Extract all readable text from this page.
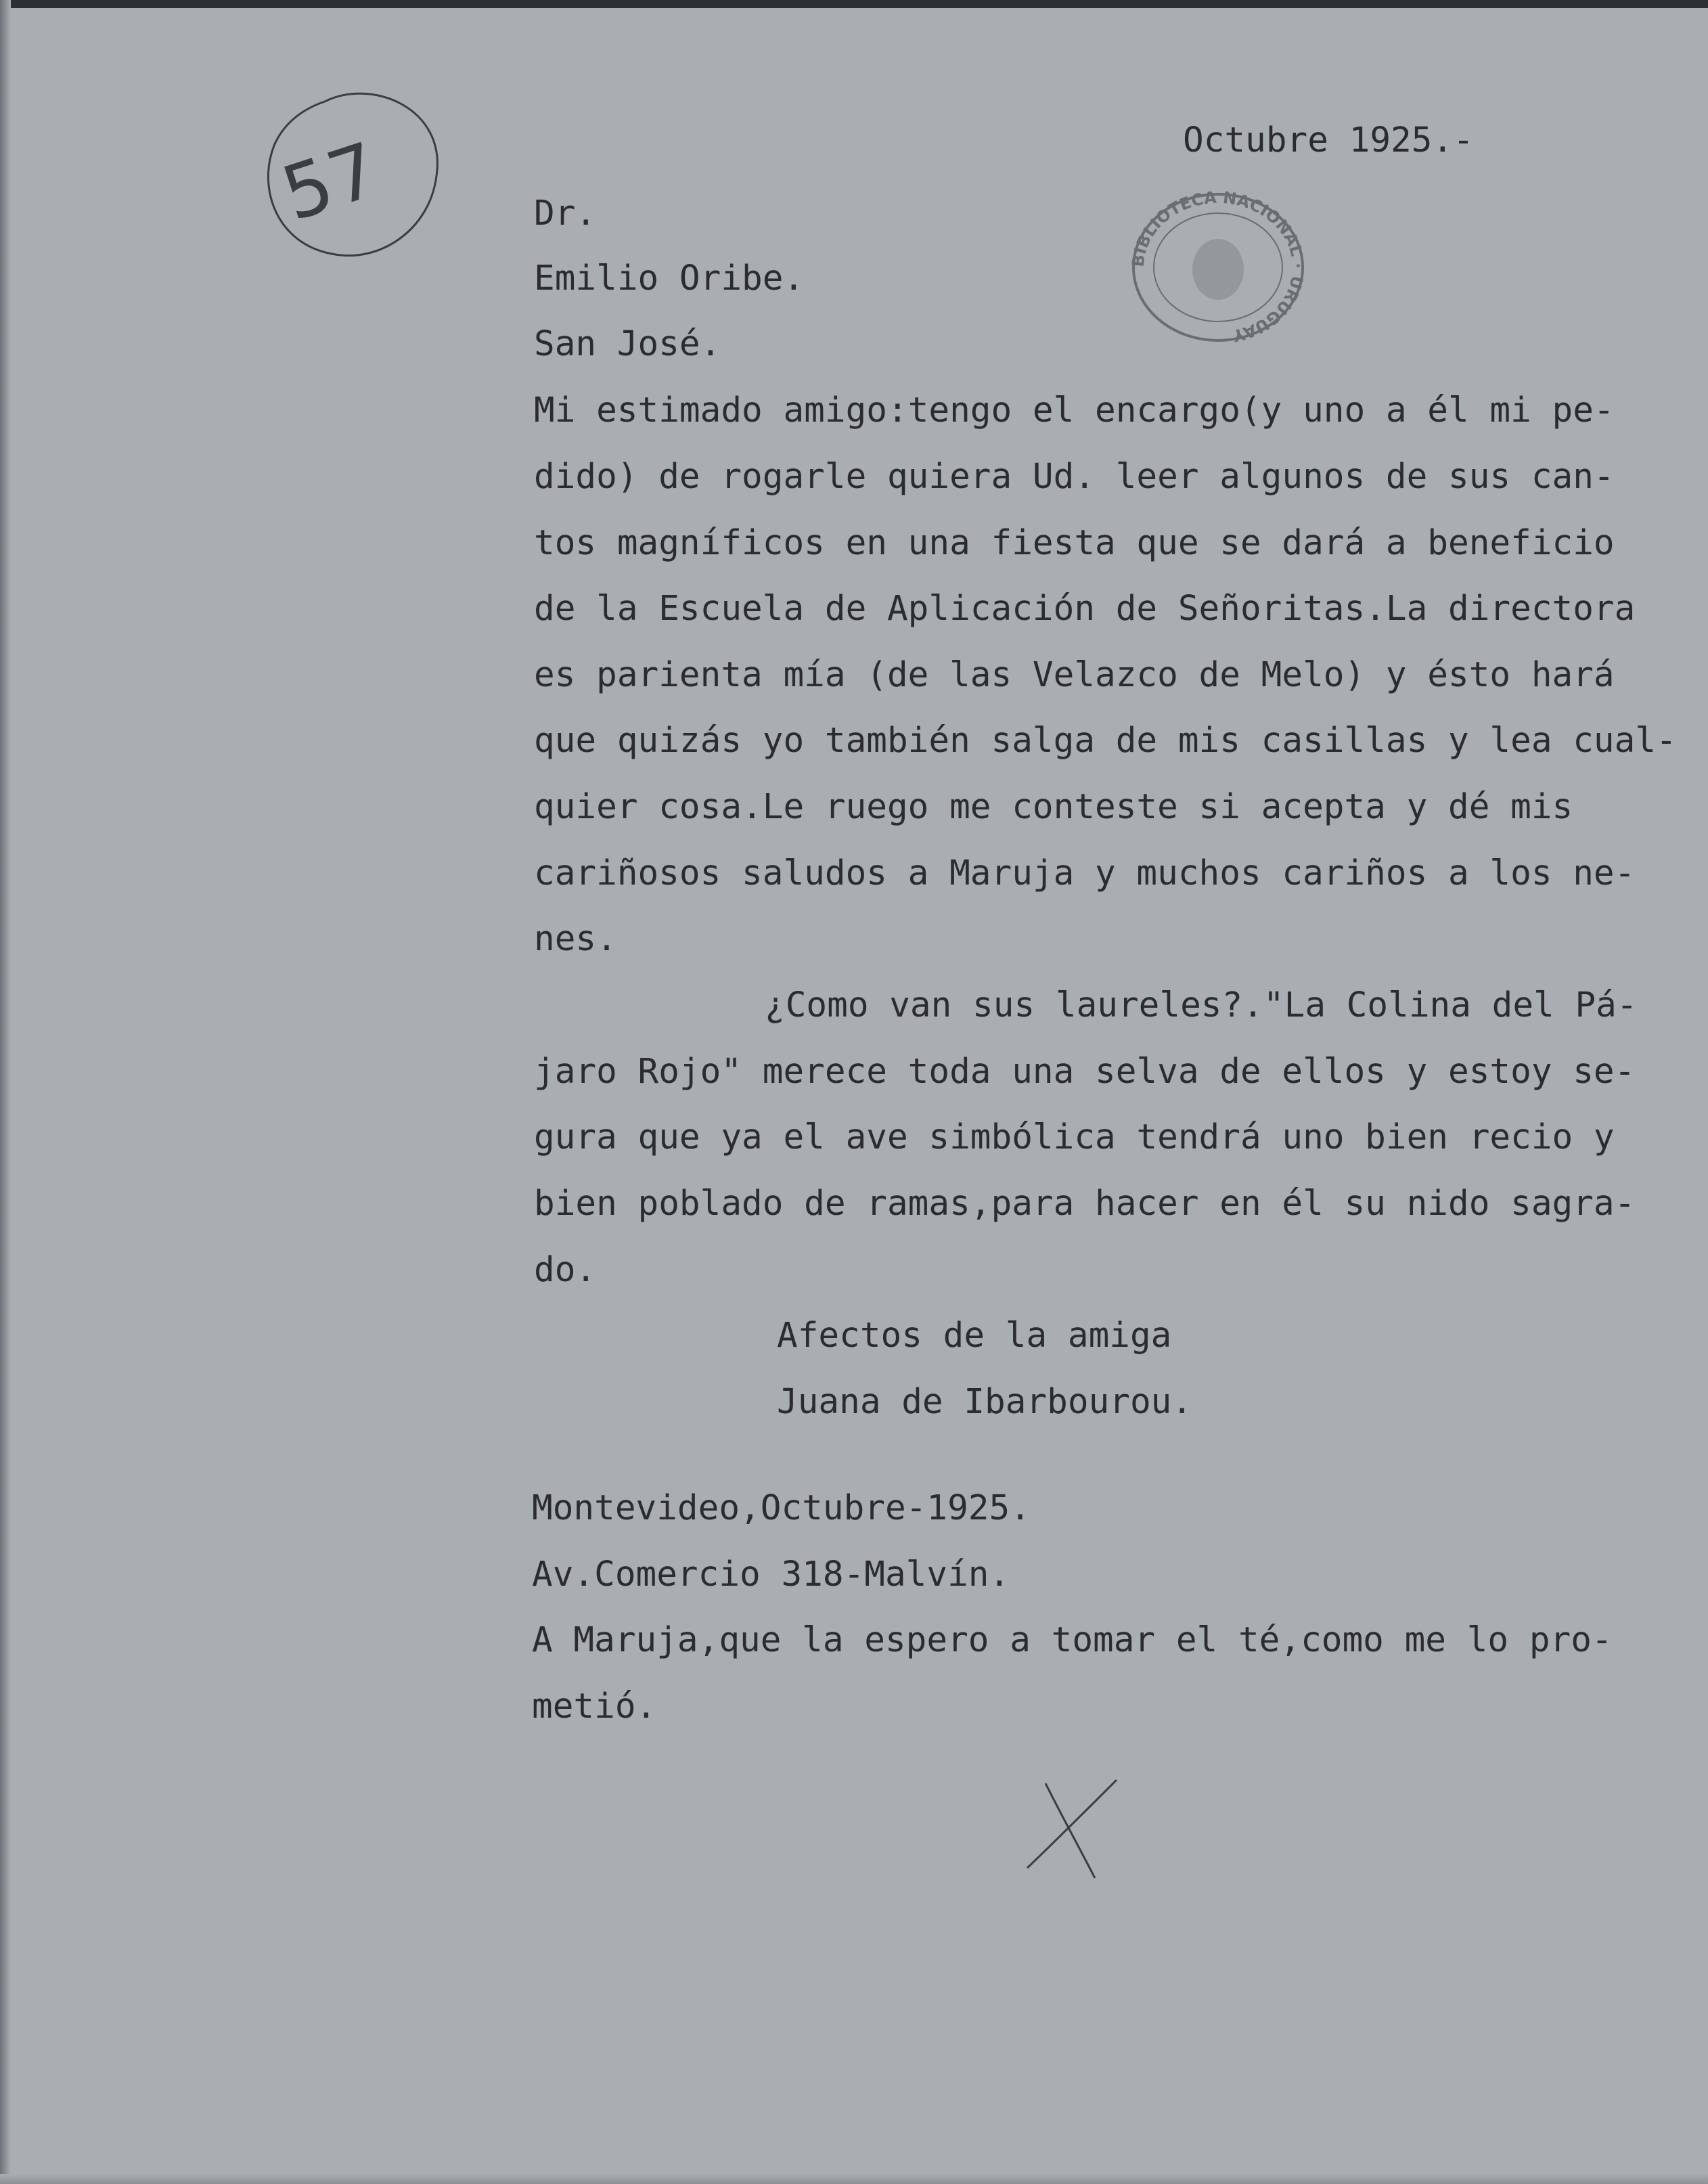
57
BIBLIOTECA NACIONAL · URUGUAY
Octubre 1925.-
Dr.
Emilio Oribe.
San José.
Mi estimado amigo:tengo el encargo(y uno a él mi pe-
dido) de rogarle quiera Ud. leer algunos de sus can-
tos magníficos en una fiesta que se dará a beneficio
de la Escuela de Aplicación de Señoritas.La directora
es parienta mía (de las Velazco de Melo) y ésto hará
que quizás yo también salga de mis casillas y lea cual-
quier cosa.Le ruego me conteste si acepta y dé mis
cariñosos saludos a Maruja y muchos cariños a los ne-
nes.
¿Como van sus laureles?."La Colina del Pá-
jaro Rojo" merece toda una selva de ellos y estoy se-
gura que ya el ave simbólica tendrá uno bien recio y
bien poblado de ramas,para hacer en él su nido sagra-
do.
Afectos de la amiga
Juana de Ibarbourou.
Montevideo,Octubre-1925.
Av.Comercio 318-Malvín.
A Maruja,que la espero a tomar el té,como me lo pro-
metió.
